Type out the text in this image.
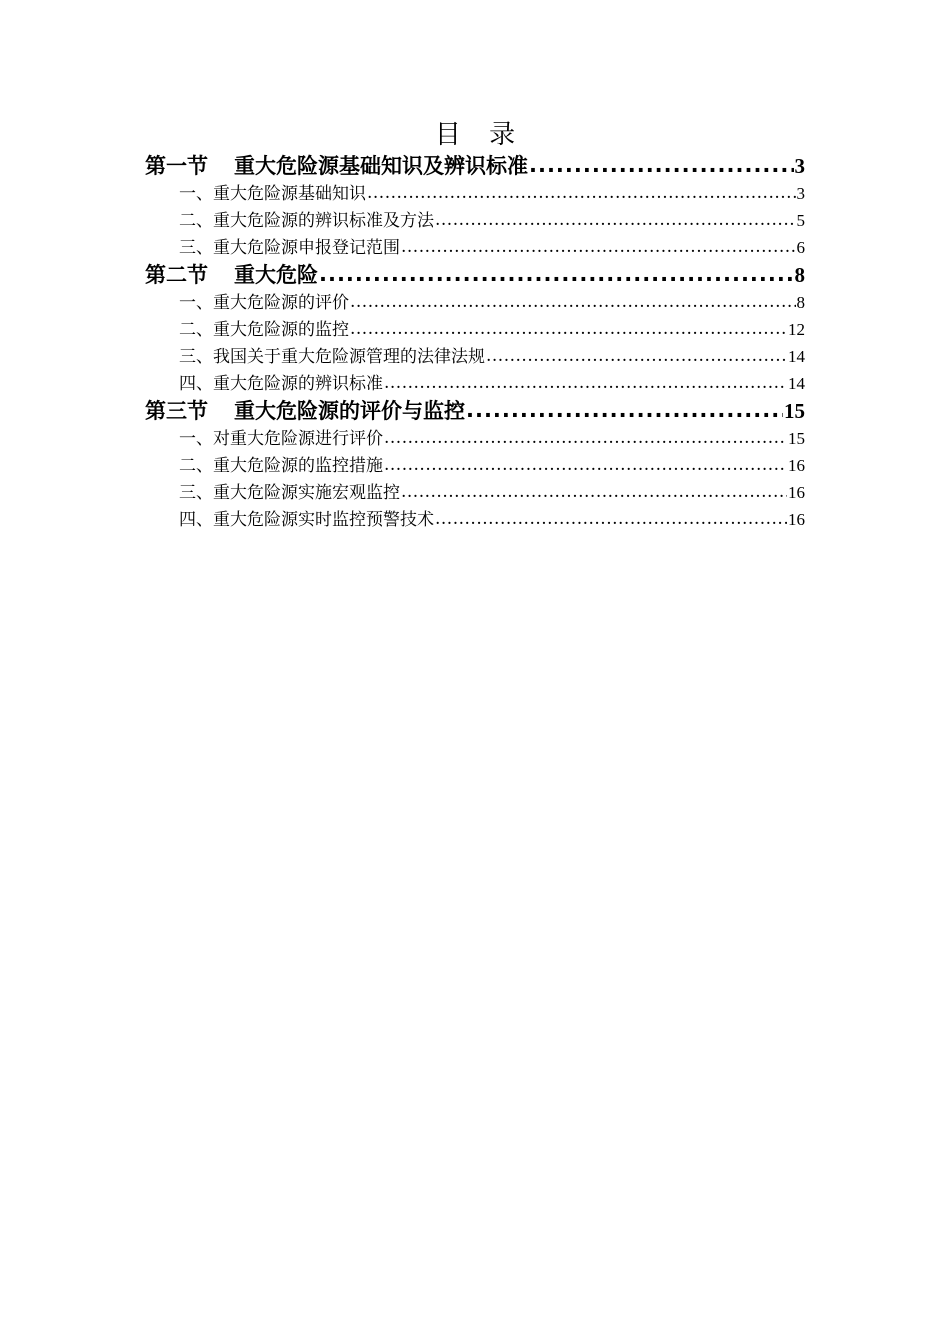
目 录
第一节 重大危险源基础知识及辨识标准 .....	3
一、重大危险源基础知识 .....	3
二、重大危险源的辨识标准及方法 .....	5
三、重大危险源申报登记范围 .....	6
第二节 重大危险 .....	8
一、重大危险源的评价 .....	8
二、重大危险源的监控 .....	12
三、我国关于重大危险源管理的法律法规 .....	14
四、重大危险源的辨识标准 .....	14
第三节 重大危险源的评价与监控 .....	15
一、对重大危险源进行评价 .....	15
二、重大危险源的监控措施 .....	16
三、重大危险源实施宏观监控 .....	16
四、重大危险源实时监控预警技术 .....	16
